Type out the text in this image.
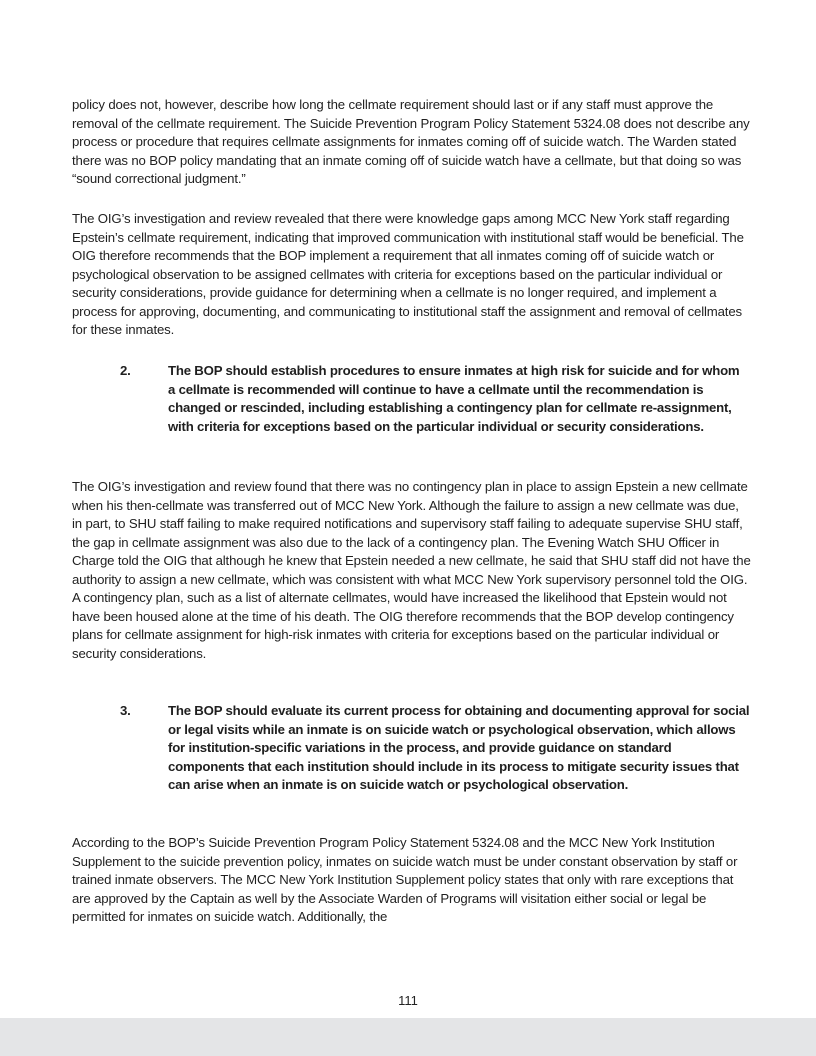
policy does not, however, describe how long the cellmate requirement should last or if any staff must approve the removal of the cellmate requirement. The Suicide Prevention Program Policy Statement 5324.08 does not describe any process or procedure that requires cellmate assignments for inmates coming off of suicide watch. The Warden stated there was no BOP policy mandating that an inmate coming off of suicide watch have a cellmate, but that doing so was “sound correctional judgment.”

The OIG’s investigation and review revealed that there were knowledge gaps among MCC New York staff regarding Epstein’s cellmate requirement, indicating that improved communication with institutional staff would be beneficial. The OIG therefore recommends that the BOP implement a requirement that all inmates coming off of suicide watch or psychological observation to be assigned cellmates with criteria for exceptions based on the particular individual or security considerations, provide guidance for determining when a cellmate is no longer required, and implement a process for approving, documenting, and communicating to institutional staff the assignment and removal of cellmates for these inmates.

2.	The BOP should establish procedures to ensure inmates at high risk for suicide and for whom a cellmate is recommended will continue to have a cellmate until the recommendation is changed or rescinded, including establishing a contingency plan for cellmate re-assignment, with criteria for exceptions based on the particular individual or security considerations.

The OIG’s investigation and review found that there was no contingency plan in place to assign Epstein a new cellmate when his then-cellmate was transferred out of MCC New York. Although the failure to assign a new cellmate was due, in part, to SHU staff failing to make required notifications and supervisory staff failing to adequate supervise SHU staff, the gap in cellmate assignment was also due to the lack of a contingency plan. The Evening Watch SHU Officer in Charge told the OIG that although he knew that Epstein needed a new cellmate, he said that SHU staff did not have the authority to assign a new cellmate, which was consistent with what MCC New York supervisory personnel told the OIG. A contingency plan, such as a list of alternate cellmates, would have increased the likelihood that Epstein would not have been housed alone at the time of his death. The OIG therefore recommends that the BOP develop contingency plans for cellmate assignment for high-risk inmates with criteria for exceptions based on the particular individual or security considerations.

3.	The BOP should evaluate its current process for obtaining and documenting approval for social or legal visits while an inmate is on suicide watch or psychological observation, which allows for institution-specific variations in the process, and provide guidance on standard components that each institution should include in its process to mitigate security issues that can arise when an inmate is on suicide watch or psychological observation.

According to the BOP’s Suicide Prevention Program Policy Statement 5324.08 and the MCC New York Institution Supplement to the suicide prevention policy, inmates on suicide watch must be under constant observation by staff or trained inmate observers. The MCC New York Institution Supplement policy states that only with rare exceptions that are approved by the Captain as well by the Associate Warden of Programs will visitation either social or legal be permitted for inmates on suicide watch. Additionally, the

111
